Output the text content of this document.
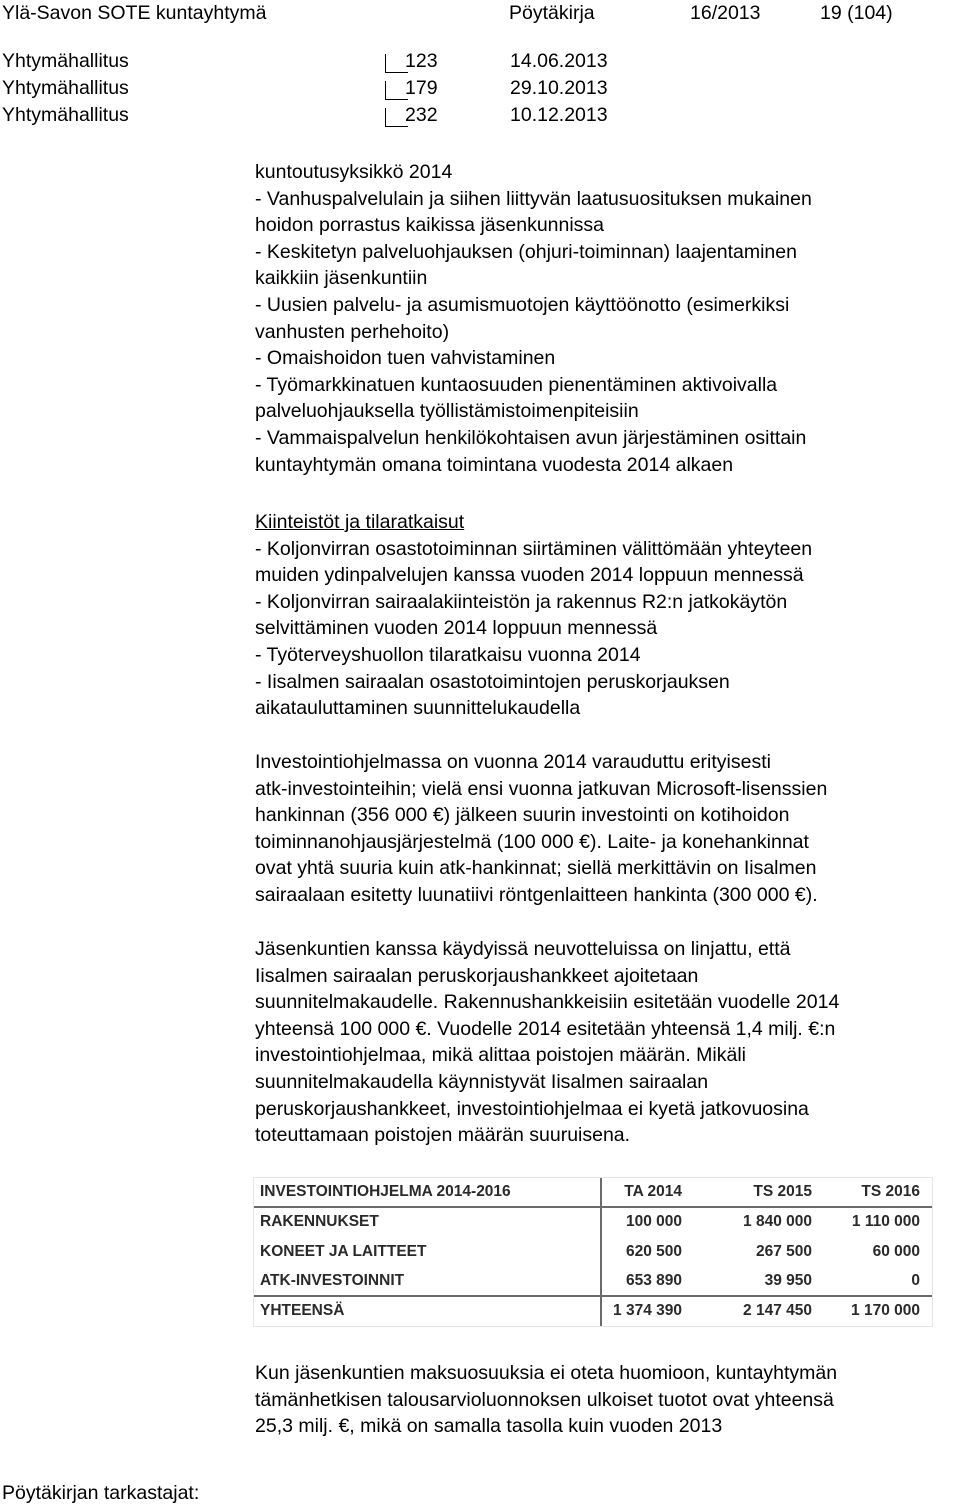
Ylä-Savon SOTE kuntayhtymä	Pöytäkirja	16/2013	19 (104)
Yhtymähallitus	123	14.06.2013
Yhtymähallitus	179	29.10.2013
Yhtymähallitus	232	10.12.2013

kuntoutusyksikkö 2014

- Vanhuspalvelulain ja siihen liittyvän laatusuosituksen mukainen

hoidon porrastus kaikissa jäsenkunnissa

- Keskitetyn palveluohjauksen (ohjuri-toiminnan) laajentaminen

kaikkiin jäsenkuntiin

- Uusien palvelu- ja asumismuotojen käyttöönotto (esimerkiksi

vanhusten perhehoito)

- Omaishoidon tuen vahvistaminen

- Työmarkkinatuen kuntaosuuden pienentäminen aktivoivalla

palveluohjauksella työllistämistoimenpiteisiin

- Vammaispalvelun henkilökohtaisen avun järjestäminen osittain

kuntayhtymän omana toimintana vuodesta 2014 alkaen

Kiinteistöt ja tilaratkaisut

- Koljonvirran osastotoiminnan siirtäminen välittömään yhteyteen

muiden ydinpalvelujen kanssa vuoden 2014 loppuun mennessä

- Koljonvirran sairaalakiinteistön ja rakennus R2:n jatkokäytön

selvittäminen vuoden 2014 loppuun mennessä

- Työterveyshuollon tilaratkaisu vuonna 2014

- Iisalmen sairaalan osastotoimintojen peruskorjauksen

aikatauluttaminen suunnittelukaudella

Investointiohjelmassa on vuonna 2014 varauduttu erityisesti

atk-investointeihin; vielä ensi vuonna jatkuvan Microsoft-lisenssien

hankinnan (356 000 €) jälkeen suurin investointi on kotihoidon

toiminnanohjausjärjestelmä (100 000 €). Laite- ja konehankinnat

ovat yhtä suuria kuin atk-hankinnat; siellä merkittävin on Iisalmen

sairaalaan esitetty luunatiivi röntgenlaitteen hankinta (300 000 €).

Jäsenkuntien kanssa käydyissä neuvotteluissa on linjattu, että

Iisalmen sairaalan peruskorjaushankkeet ajoitetaan

suunnitelmakaudelle. Rakennushankkeisiin esitetään vuodelle 2014

yhteensä 100 000 €. Vuodelle 2014 esitetään yhteensä 1,4 milj. €:n

investointiohjelmaa, mikä alittaa poistojen määrän. Mikäli

suunnitelmakaudella käynnistyvät Iisalmen sairaalan

peruskorjaushankkeet, investointiohjelmaa ei kyetä jatkovuosina

toteuttamaan poistojen määrän suuruisena.

INVESTOINTIOHJELMA 2014-2016	TA 2014	TS 2015	TS 2016
RAKENNUKSET	100 000	1 840 000	1 110 000
KONEET JA LAITTEET	620 500	267 500	60 000
ATK-INVESTOINNIT	653 890	39 950	0
YHTEENSÄ	1 374 390	2 147 450	1 170 000

Kun jäsenkuntien maksuosuuksia ei oteta huomioon, kuntayhtymän

tämänhetkisen talousarvioluonnoksen ulkoiset tuotot ovat yhteensä

25,3 milj. €, mikä on samalla tasolla kuin vuoden 2013

Pöytäkirjan tarkastajat:
